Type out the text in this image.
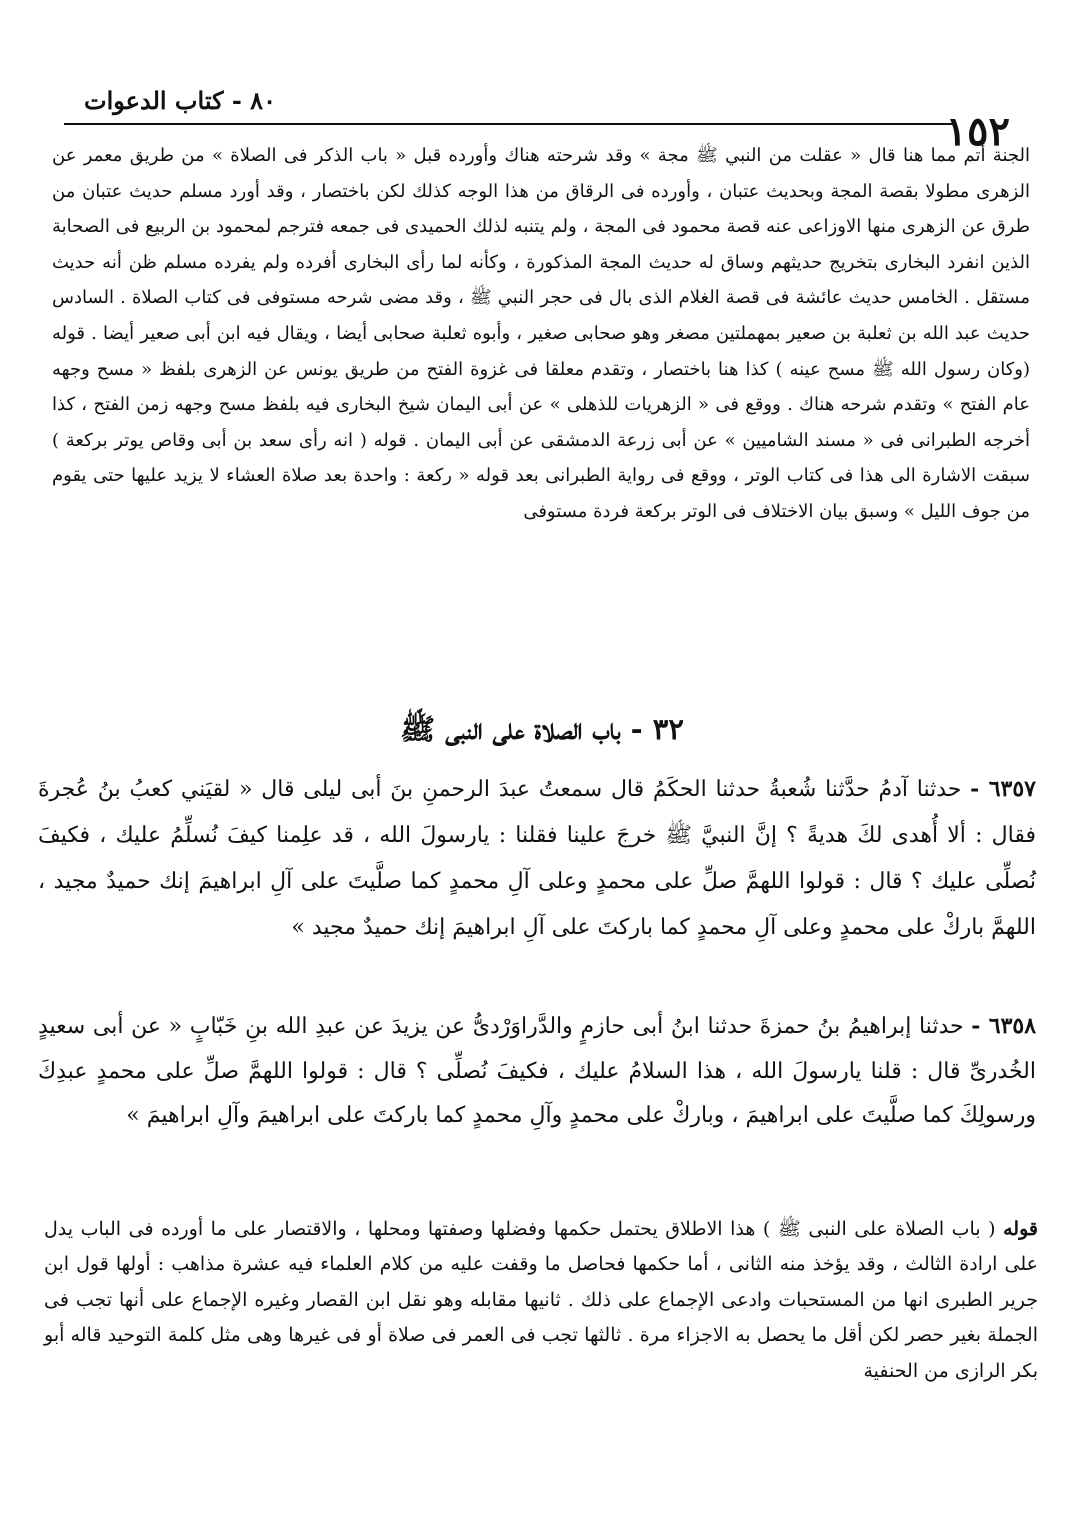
٨٠ - كتاب الدعوات
١٥٢

الجنة أتم مما هنا قال « عقلت من النبي ﷺ مجة » وقد شرحته هناك وأورده قبل « باب الذكر فى الصلاة » من طريق معمر عن الزهرى مطولا بقصة المجة وبحديث عتبان ، وأورده فى الرقاق من هذا الوجه كذلك لكن باختصار ، وقد أورد مسلم حديث عتبان من طرق عن الزهرى منها الاوزاعى عنه قصة محمود فى المجة ، ولم يتنبه لذلك الحميدى فى جمعه فترجم لمحمود بن الربيع فى الصحابة الذين انفرد البخارى بتخريج حديثهم وساق له حديث المجة المذكورة ، وكأنه لما رأى البخارى أفرده ولم يفرده مسلم ظن أنه حديث مستقل . الخامس حديث عائشة فى قصة الغلام الذى بال فى حجر النبي ﷺ ، وقد مضى شرحه مستوفى فى كتاب الصلاة . السادس حديث عبد الله بن ثعلبة بن صعير بمهملتين مصغر وهو صحابى صغير ، وأبوه ثعلبة صحابى أيضا ، ويقال فيه ابن أبى صعير أيضا . قوله (وكان رسول الله ﷺ مسح عينه ) كذا هنا باختصار ، وتقدم معلقا فى غزوة الفتح من طريق يونس عن الزهرى بلفظ « مسح وجهه عام الفتح » وتقدم شرحه هناك . ووقع فى « الزهريات للذهلى » عن أبى اليمان شيخ البخارى فيه بلفظ مسح وجهه زمن الفتح ، كذا أخرجه الطبرانى فى « مسند الشاميين » عن أبى زرعة الدمشقى عن أبى اليمان . قوله ( انه رأى سعد بن أبى وقاص يوتر بركعة ) سبقت الاشارة الى هذا فى كتاب الوتر ، ووقع فى رواية الطبرانى بعد قوله « ركعة : واحدة بعد صلاة العشاء لا يزيد عليها حتى يقوم من جوف الليل » وسبق بيان الاختلاف فى الوتر بركعة فردة مستوفى

٣٢ - باب الصلاة على النبى ﷺ

٦٣٥٧ - حدثنا آدمُ حدَّثنا شُعبةُ حدثنا الحكَمُ قال سمعتُ عبدَ الرحمنِ بنَ أبى ليلى قال « لقيَني كعبُ بنُ عُجرةَ فقال : ألا أُهدى لكَ هديةً ؟ إنَّ النبيَّ ﷺ خرجَ علينا فقلنا : يارسولَ الله ، قد علِمنا كيفَ نُسلِّمُ عليك ، فكيفَ نُصلِّى عليك ؟ قال : قولوا اللهمَّ صلِّ على محمدٍ وعلى آلِ محمدٍ كما صلَّيتَ على آلِ ابراهيمَ إنك حميدٌ مجيد ، اللهمَّ باركْ على محمدٍ وعلى آلِ محمدٍ كما باركتَ على آلِ ابراهيمَ إنك حميدٌ مجيد »

٦٣٥٨ - حدثنا إبراهيمُ بنُ حمزةَ حدثنا ابنُ أبى حازمٍ والدَّراوَرْدىُّ عن يزيدَ عن عبدِ الله بنِ خَبّابٍ « عن أبى سعيدٍ الخُدرىِّ قال : قلنا يارسولَ الله ، هذا السلامُ عليك ، فكيفَ نُصلِّى ؟ قال : قولوا اللهمَّ صلِّ على محمدٍ عبدِكَ ورسولِكَ كما صلَّيتَ على ابراهيمَ ، وباركْ على محمدٍ وآلِ محمدٍ كما باركتَ على ابراهيمَ وآلِ ابراهيمَ »

قوله ( باب الصلاة على النبى ﷺ ) هذا الاطلاق يحتمل حكمها وفضلها وصفتها ومحلها ، والاقتصار على ما أورده فى الباب يدل على ارادة الثالث ، وقد يؤخذ منه الثانى ، أما حكمها فحاصل ما وقفت عليه من كلام العلماء فيه عشرة مذاهب : أولها قول ابن جرير الطبرى انها من المستحبات وادعى الإجماع على ذلك . ثانيها مقابله وهو نقل ابن القصار وغيره الإجماع على أنها تجب فى الجملة بغير حصر لكن أقل ما يحصل به الاجزاء مرة . ثالثها تجب فى العمر فى صلاة أو فى غيرها وهى مثل كلمة التوحيد قاله أبو بكر الرازى من الحنفية
